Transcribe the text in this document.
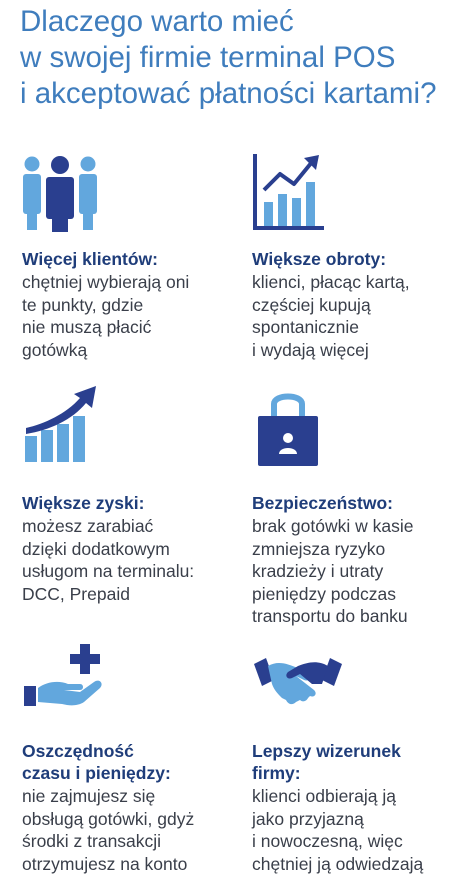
Dlaczego warto mieć
w swojej firmie terminal POS
i akceptować płatności kartami?
Więcej klientów:
chętniej wybierają oni
te punkty, gdzie
nie muszą płacić
gotówką
Większe obroty:
klienci, płacąc kartą,
częściej kupują
spontanicznie
i wydają więcej
Większe zyski:
możesz zarabiać
dzięki dodatkowym
usługom na terminalu:
DCC, Prepaid
Bezpieczeństwo:
brak gotówki w kasie
zmniejsza ryzyko
kradzieży i utraty
pieniędzy podczas
transportu do banku
Oszczędność
czasu i pieniędzy:
nie zajmujesz się
obsługą gotówki, gdyż
środki z transakcji
otrzymujesz na konto
Lepszy wizerunek
firmy:
klienci odbierają ją
jako przyjazną
i nowoczesną, więc
chętniej ją odwiedzają
